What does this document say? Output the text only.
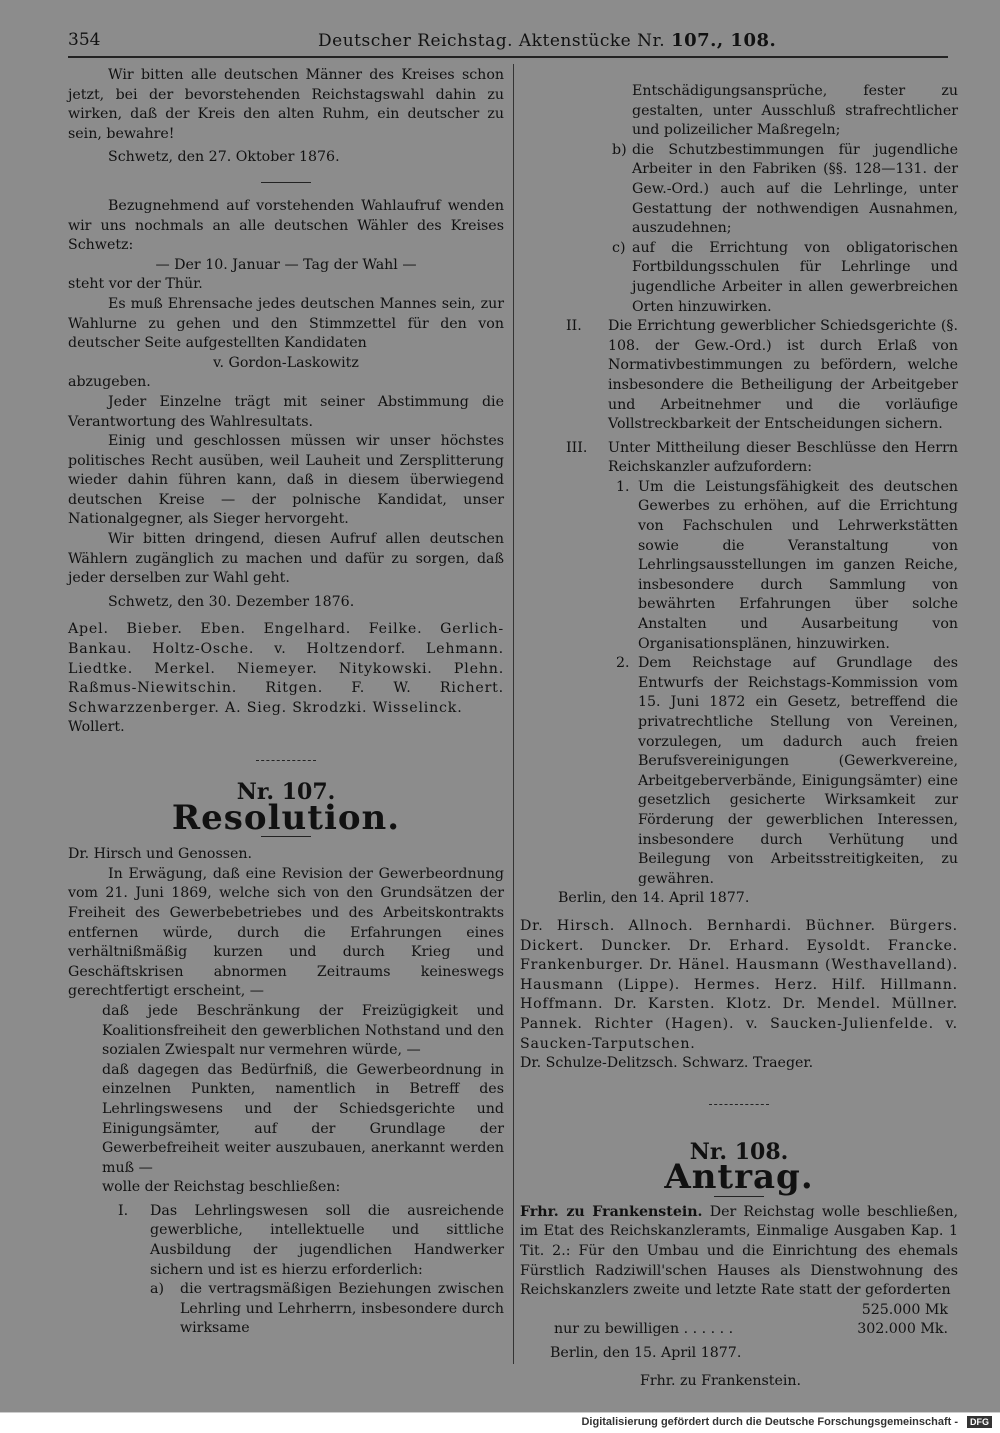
354	Deutscher Reichstag. Aktenstücke Nr. 107., 108.

Wir bitten alle deutschen Männer des Kreises schon jetzt, bei der bevorstehenden Reichstagswahl dahin zu wirken, daß der Kreis den alten Ruhm, ein deutscher zu sein, bewahre!

Schwetz, den 27. Oktober 1876.

Bezugnehmend auf vorstehenden Wahlaufruf wenden wir uns nochmals an alle deutschen Wähler des Kreises Schwetz:

— Der 10. Januar — Tag der Wahl —

steht vor der Thür.

Es muß Ehrensache jedes deutschen Mannes sein, zur Wahlurne zu gehen und den Stimmzettel für den von deutscher Seite aufgestellten Kandidaten

v. Gordon-Laskowitz

abzugeben.

Jeder Einzelne trägt mit seiner Abstimmung die Verantwortung des Wahlresultats.

Einig und geschlossen müssen wir unser höchstes politisches Recht ausüben, weil Lauheit und Zersplitterung wieder dahin führen kann, daß in diesem überwiegend deutschen Kreise — der polnische Kandidat, unser Nationalgegner, als Sieger hervorgeht.

Wir bitten dringend, diesen Aufruf allen deutschen Wählern zugänglich zu machen und dafür zu sorgen, daß jeder derselben zur Wahl geht.

Schwetz, den 30. Dezember 1876.

Apel. Bieber. Eben. Engelhard. Feilke. Gerlich-Bankau. Holtz-Osche. v. Holtzendorf. Lehmann. Liedtke. Merkel. Niemeyer. Nitykowski. Plehn. Raßmus-Niewitschin. Ritgen. F. W. Richert. Schwarzzenberger. A. Sieg. Skrodzki. Wisselinck.

Wollert.

Nr. 107.
Resolution.

Dr. Hirsch und Genossen.

In Erwägung, daß eine Revision der Gewerbeordnung vom 21. Juni 1869, welche sich von den Grundsätzen der Freiheit des Gewerbebetriebes und des Arbeitskontrakts entfernen würde, durch die Erfahrungen eines verhältnißmäßig kurzen und durch Krieg und Geschäftskrisen abnormen Zeitraums keineswegs gerechtfertigt erscheint, —

daß jede Beschränkung der Freizügigkeit und Koalitionsfreiheit den gewerblichen Nothstand und den sozialen Zwiespalt nur vermehren würde, —

daß dagegen das Bedürfniß, die Gewerbeordnung in einzelnen Punkten, namentlich in Betreff des Lehrlingswesens und der Schiedsgerichte und Einigungsämter, auf der Grundlage der Gewerbefreiheit weiter auszubauen, anerkannt werden muß —

wolle der Reichstag beschließen:

I. Das Lehrlingswesen soll die ausreichende gewerbliche, intellektuelle und sittliche Ausbildung der jugendlichen Handwerker sichern und ist es hierzu erforderlich:

a) die vertragsmäßigen Beziehungen zwischen Lehrling und Lehrherrn, insbesondere durch wirksame

Entschädigungsansprüche, fester zu gestalten, unter Ausschluß strafrechtlicher und polizeilicher Maßregeln;

b) die Schutzbestimmungen für jugendliche Arbeiter in den Fabriken (§§. 128—131. der Gew.-Ord.) auch auf die Lehrlinge, unter Gestattung der nothwendigen Ausnahmen, auszudehnen;

c) auf die Errichtung von obligatorischen Fortbildungsschulen für Lehrlinge und jugendliche Arbeiter in allen gewerbreichen Orten hinzuwirken.

II. Die Errichtung gewerblicher Schiedsgerichte (§. 108. der Gew.-Ord.) ist durch Erlaß von Normativbestimmungen zu befördern, welche insbesondere die Betheiligung der Arbeitgeber und Arbeitnehmer und die vorläufige Vollstreckbarkeit der Entscheidungen sichern.

III. Unter Mittheilung dieser Beschlüsse den Herrn Reichskanzler aufzufordern:

1. Um die Leistungsfähigkeit des deutschen Gewerbes zu erhöhen, auf die Errichtung von Fachschulen und Lehrwerkstätten sowie die Veranstaltung von Lehrlingsausstellungen im ganzen Reiche, insbesondere durch Sammlung von bewährten Erfahrungen über solche Anstalten und Ausarbeitung von Organisationsplänen, hinzuwirken.

2. Dem Reichstage auf Grundlage des Entwurfs der Reichstags-Kommission vom 15. Juni 1872 ein Gesetz, betreffend die privatrechtliche Stellung von Vereinen, vorzulegen, um dadurch auch freien Berufsvereinigungen (Gewerkvereine, Arbeitgeberverbände, Einigungsämter) eine gesetzlich gesicherte Wirksamkeit zur Förderung der gewerblichen Interessen, insbesondere durch Verhütung und Beilegung von Arbeitsstreitigkeiten, zu gewähren.

Berlin, den 14. April 1877.

Dr. Hirsch. Allnoch. Bernhardi. Büchner. Bürgers. Dickert. Duncker. Dr. Erhard. Eysoldt. Francke. Frankenburger. Dr. Hänel. Hausmann (Westhavelland). Hausmann (Lippe). Hermes. Herz. Hilf. Hillmann. Hoffmann. Dr. Karsten. Klotz. Dr. Mendel. Müllner. Pannek. Richter (Hagen). v. Saucken-Julienfelde. v. Saucken-Tarputschen.

Dr. Schulze-Delitzsch. Schwarz. Traeger.

Nr. 108.
Antrag.

Frhr. zu Frankenstein. Der Reichstag wolle beschließen, im Etat des Reichskanzleramts, Einmalige Ausgaben Kap. 1 Tit. 2.: Für den Umbau und die Einrichtung des ehemals Fürstlich Radziwill'schen Hauses als Dienstwohnung des Reichskanzlers zweite und letzte Rate statt der geforderten

525.000 Mk

nur zu bewilligen . . . . . .	302.000 Mk.

Berlin, den 15. April 1877.

Frhr. zu Frankenstein.

Digitalisierung gefördert durch die Deutsche Forschungsgemeinschaft -	DFG
